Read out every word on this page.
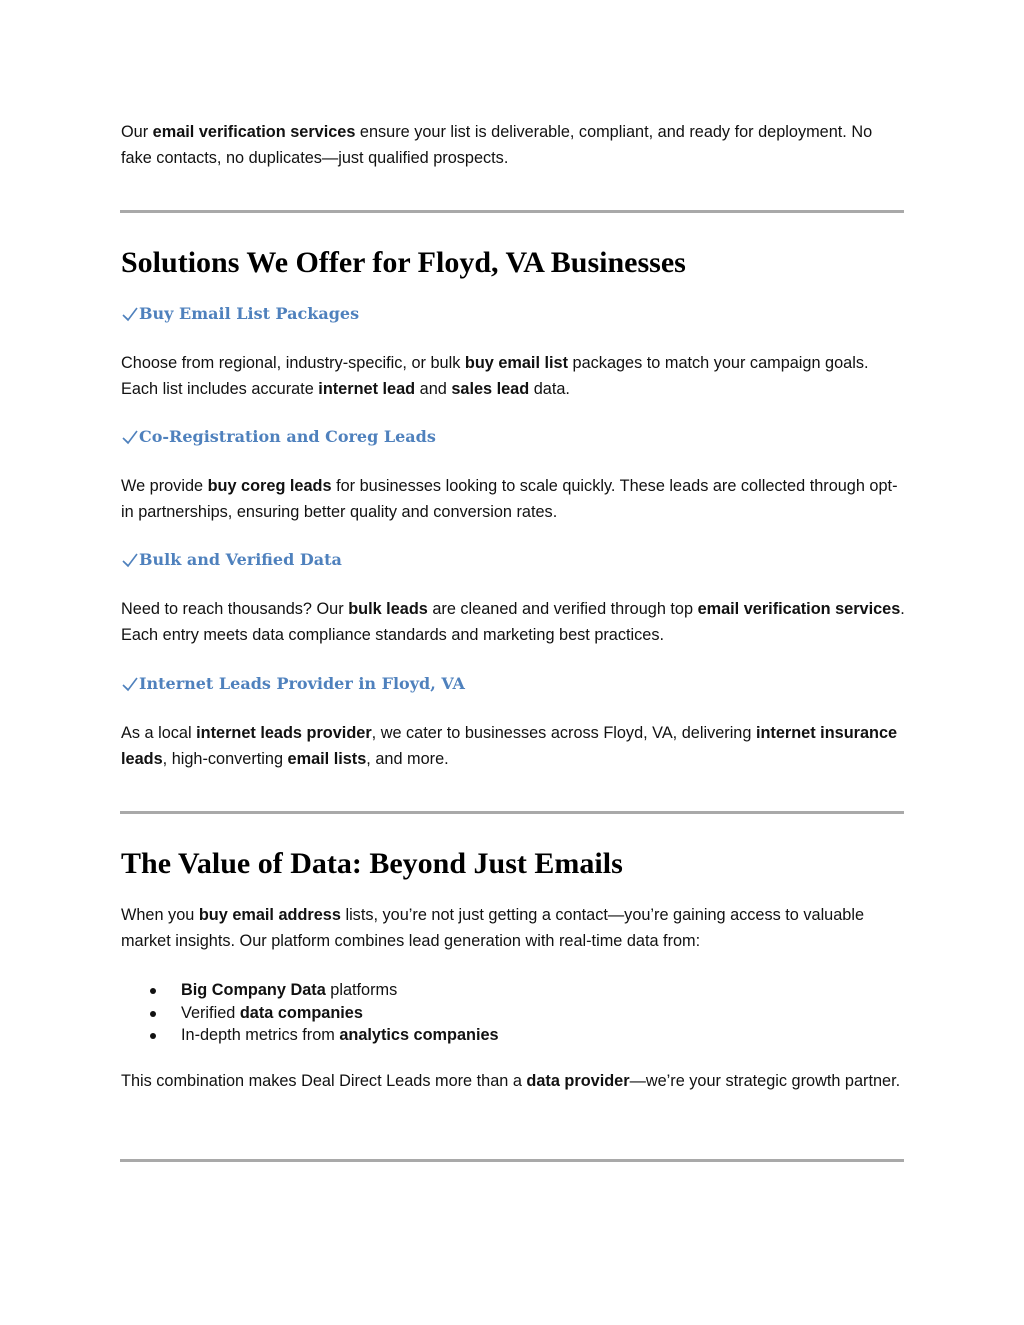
Our email verification services ensure your list is deliverable, compliant, and ready for deployment. No fake contacts, no duplicates—just qualified prospects.

Solutions We Offer for Floyd, VA Businesses
Buy Email List Packages

Choose from regional, industry-specific, or bulk buy email list packages to match your campaign goals. Each list includes accurate internet lead and sales lead data.

Co-Registration and Coreg Leads

We provide buy coreg leads for businesses looking to scale quickly. These leads are collected through opt-in partnerships, ensuring better quality and conversion rates.

Bulk and Verified Data

Need to reach thousands? Our bulk leads are cleaned and verified through top email verification services. Each entry meets data compliance standards and marketing best practices.

Internet Leads Provider in Floyd, VA

As a local internet leads provider, we cater to businesses across Floyd, VA, delivering internet insurance leads, high-converting email lists, and more.

The Value of Data: Beyond Just Emails

When you buy email address lists, you’re not just getting a contact—you’re gaining access to valuable market insights. Our platform combines lead generation with real-time data from:

Big Company Data platforms
Verified data companies
In-depth metrics from analytics companies

This combination makes Deal Direct Leads more than a data provider—we’re your strategic growth partner.
